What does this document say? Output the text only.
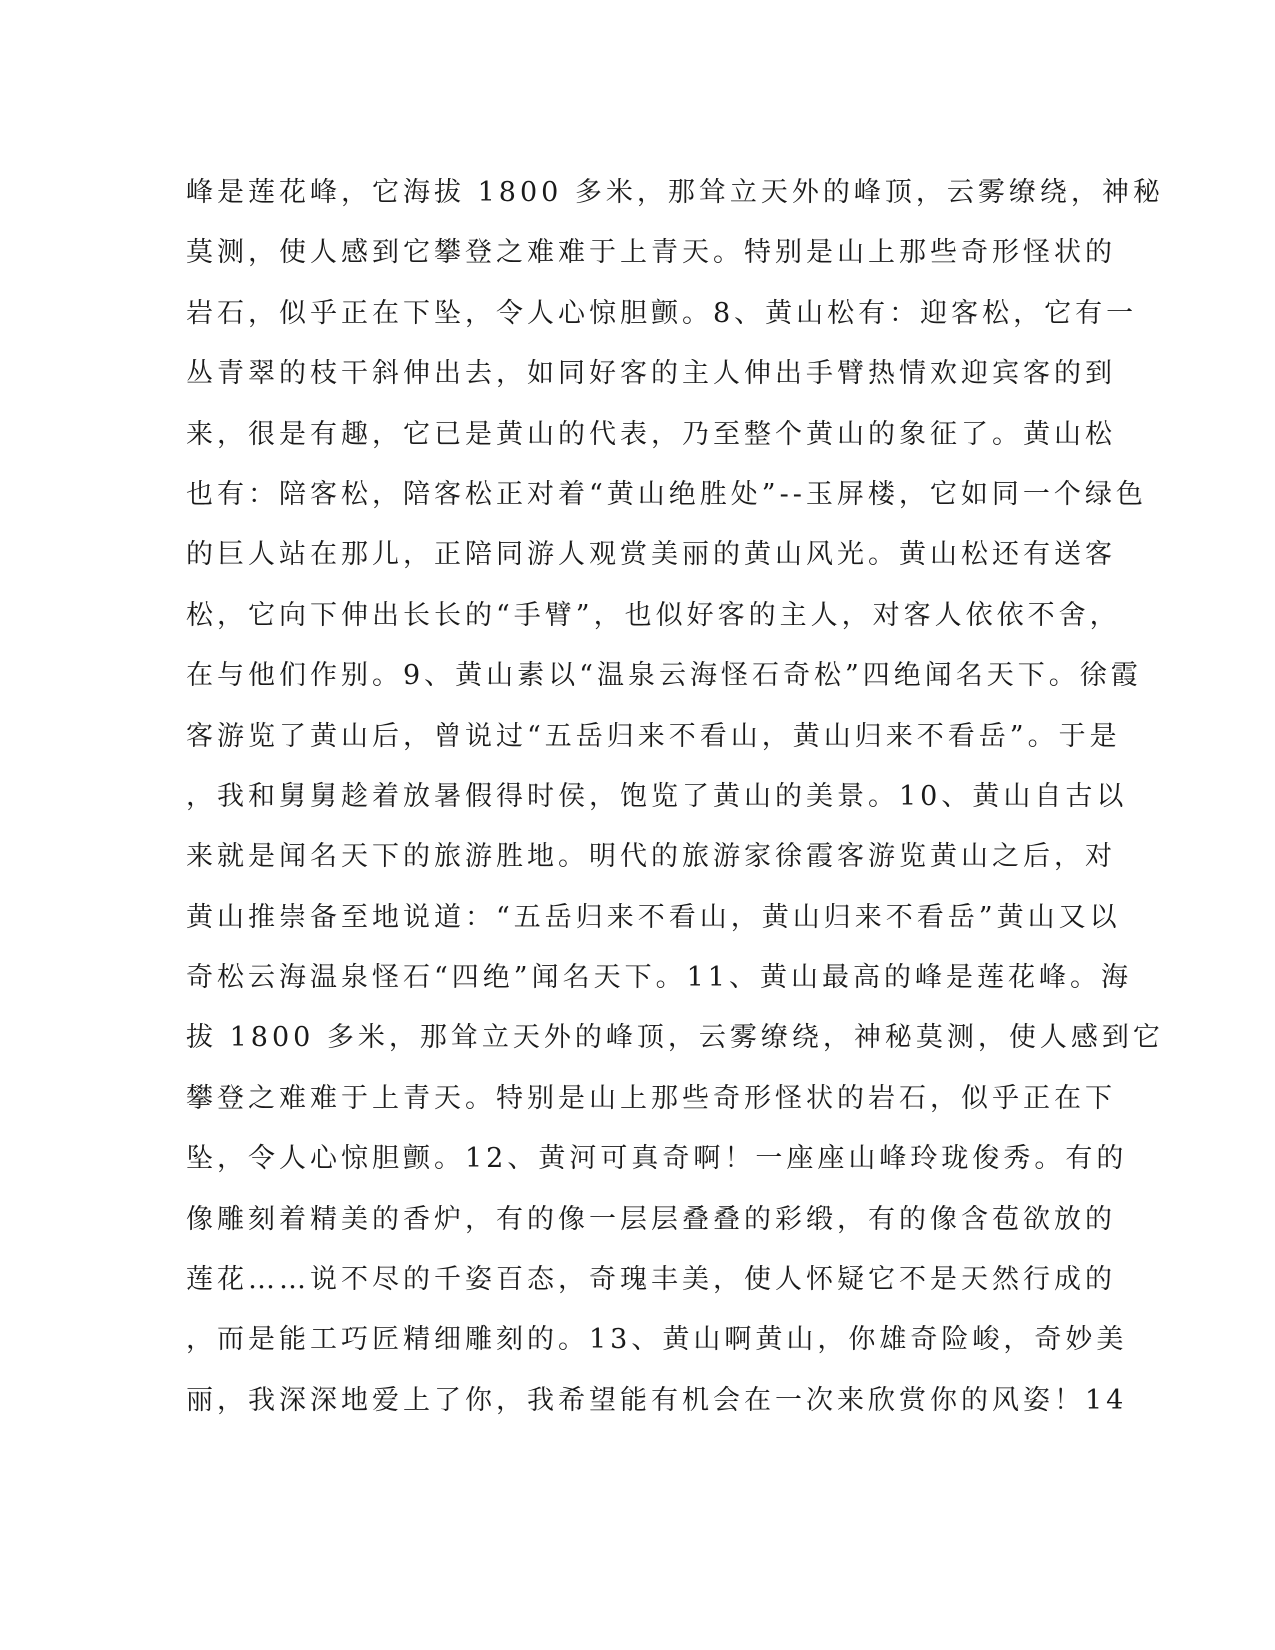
峰是莲花峰，它海拔 1800 多米，那耸立天外的峰顶，云雾缭绕，神秘
莫测，使人感到它攀登之难难于上青天。特别是山上那些奇形怪状的
岩石，似乎正在下坠，令人心惊胆颤。8、黄山松有：迎客松，它有一
丛青翠的枝干斜伸出去，如同好客的主人伸出手臂热情欢迎宾客的到
来，很是有趣，它已是黄山的代表，乃至整个黄山的象征了。黄山松
也有：陪客松，陪客松正对着“黄山绝胜处”--玉屏楼，它如同一个绿色
的巨人站在那儿，正陪同游人观赏美丽的黄山风光。黄山松还有送客
松，它向下伸出长长的“手臂”，也似好客的主人，对客人依依不舍，
在与他们作别。9、黄山素以“温泉云海怪石奇松”四绝闻名天下。徐霞
客游览了黄山后，曾说过“五岳归来不看山，黄山归来不看岳”。于是
，我和舅舅趁着放暑假得时侯，饱览了黄山的美景。10、黄山自古以
来就是闻名天下的旅游胜地。明代的旅游家徐霞客游览黄山之后，对
黄山推崇备至地说道：“五岳归来不看山，黄山归来不看岳”黄山又以
奇松云海温泉怪石“四绝”闻名天下。11、黄山最高的峰是莲花峰。海
拔 1800 多米，那耸立天外的峰顶，云雾缭绕，神秘莫测，使人感到它
攀登之难难于上青天。特别是山上那些奇形怪状的岩石，似乎正在下
坠，令人心惊胆颤。12、黄河可真奇啊！一座座山峰玲珑俊秀。有的
像雕刻着精美的香炉，有的像一层层叠叠的彩缎，有的像含苞欲放的
莲花……说不尽的千姿百态，奇瑰丰美，使人怀疑它不是天然行成的
，而是能工巧匠精细雕刻的。13、黄山啊黄山，你雄奇险峻，奇妙美
丽，我深深地爱上了你，我希望能有机会在一次来欣赏你的风姿！14
